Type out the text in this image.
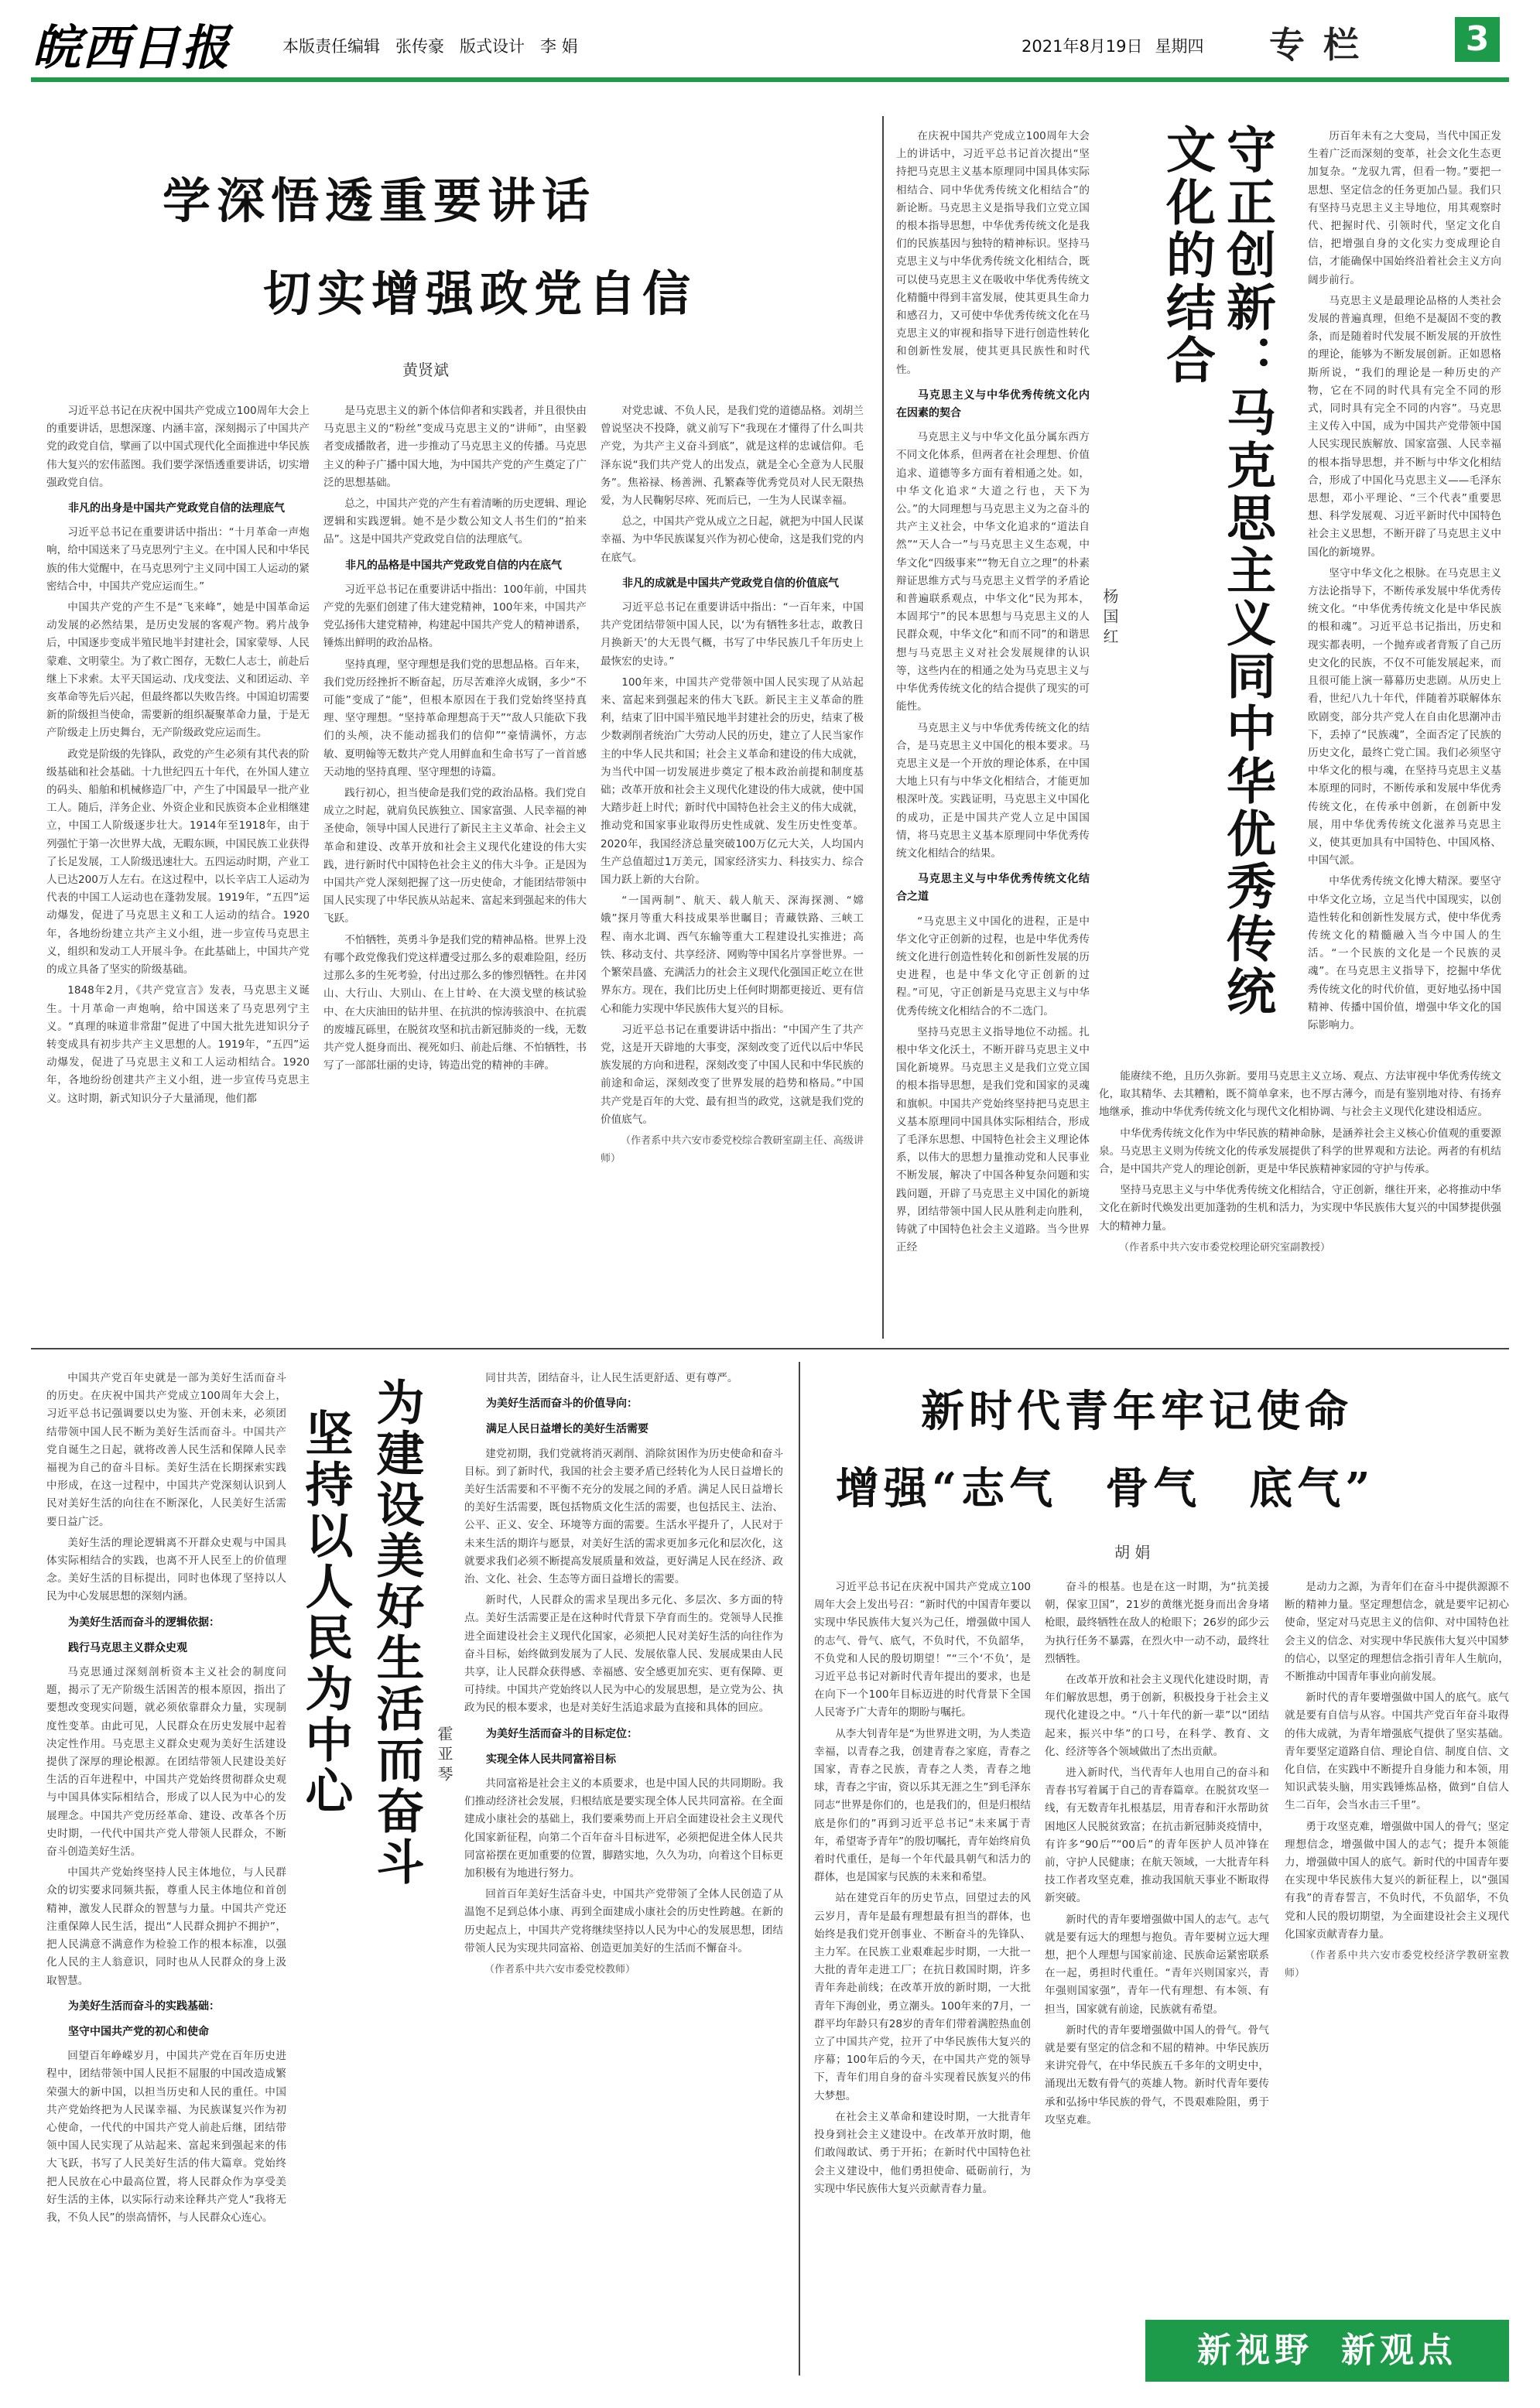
皖西日报	本版责任编辑 张传豪 版式设计 李 娟	2021年8月19日 星期四	专栏	3
学深悟透重要讲话
切实增强政党自信
黄贤斌

习近平总书记在庆祝中国共产党成立100周年大会上的重要讲话，思想深邃、内涵丰富，深刻揭示了中国共产党的政党自信，擘画了以中国式现代化全面推进中华民族伟大复兴的宏伟蓝图。我们要学深悟透重要讲话，切实增强政党自信。

非凡的出身是中国共产党政党自信的法理底气

习近平总书记在重要讲话中指出：“十月革命一声炮响，给中国送来了马克思列宁主义。在中国人民和中华民族的伟大觉醒中，在马克思列宁主义同中国工人运动的紧密结合中，中国共产党应运而生。”

中国共产党的产生不是“飞来峰”，她是中国革命运动发展的必然结果，是历史发展的客观产物。鸦片战争后，中国逐步变成半殖民地半封建社会，国家蒙辱、人民蒙难、文明蒙尘。为了救亡图存，无数仁人志士，前赴后继上下求索。太平天国运动、戊戌变法、义和团运动、辛亥革命等先后兴起，但最终都以失败告终。中国迫切需要新的阶级担当使命，需要新的组织凝聚革命力量，于是无产阶级走上历史舞台，无产阶级政党应运而生。

政党是阶级的先锋队，政党的产生必须有其代表的阶级基础和社会基础。十九世纪四五十年代，在外国人建立的码头、船舶和机械修造厂中，产生了中国最早一批产业工人。随后，洋务企业、外资企业和民族资本企业相继建立，中国工人阶级逐步壮大。1914年至1918年，由于列强忙于第一次世界大战，无暇东顾，中国民族工业获得了长足发展，工人阶级迅速壮大。五四运动时期，产业工人已达200万人左右。在这过程中，以长辛店工人运动为代表的中国工人运动也在蓬勃发展。1919年，“五四”运动爆发，促进了马克思主义和工人运动的结合。1920年，各地纷纷建立共产主义小组，进一步宣传马克思主义，组织和发动工人开展斗争。在此基础上，中国共产党的成立具备了坚实的阶级基础。

1848年2月，《共产党宣言》发表，马克思主义诞生。十月革命一声炮响，给中国送来了马克思列宁主义。“真理的味道非常甜”促进了中国大批先进知识分子转变成具有初步共产主义思想的人。1919年，“五四”运动爆发，促进了马克思主义和工人运动相结合。1920年，各地纷纷创建共产主义小组，进一步宣传马克思主义。这时期，新式知识分子大量涌现，他们都

是马克思主义的新个体信仰者和实践者，并且很快由马克思主义的“粉丝”变成马克思主义的“讲师”，由坚毅者变成播散者，进一步推动了马克思主义的传播。马克思主义的种子广播中国大地，为中国共产党的产生奠定了广泛的思想基础。

总之，中国共产党的产生有着清晰的历史逻辑、理论逻辑和实践逻辑。她不是少数公知文人书生们的“拍来品”。这是中国共产党政党自信的法理底气。

非凡的品格是中国共产党政党自信的内在底气

习近平总书记在重要讲话中指出：100年前，中国共产党的先驱们创建了伟大建党精神，100年来，中国共产党弘扬伟大建党精神，构建起中国共产党人的精神谱系，锤炼出鲜明的政治品格。

坚持真理，坚守理想是我们党的思想品格。百年来，我们党历经挫折不断奋起，历尽苦难淬火成钢，多少“不可能”变成了“能”，但根本原因在于我们党始终坚持真理、坚守理想。“坚持革命理想高于天”“敌人只能砍下我们的头颅，决不能动摇我们的信仰”“豪情满怀，方志敏、夏明翰等无数共产党人用鲜血和生命书写了一首首感天动地的坚持真理、坚守理想的诗篇。

践行初心，担当使命是我们党的政治品格。我们党自成立之时起，就肩负民族独立、国家富强、人民幸福的神圣使命，领导中国人民进行了新民主主义革命、社会主义革命和建设、改革开放和社会主义现代化建设的伟大实践，进行新时代中国特色社会主义的伟大斗争。正是因为中国共产党人深刻把握了这一历史使命，才能团结带领中国人民实现了中华民族从站起来、富起来到强起来的伟大飞跃。

不怕牺牲，英勇斗争是我们党的精神品格。世界上没有哪个政党像我们党这样遭受过那么多的艰难险阻，经历过那么多的生死考验，付出过那么多的惨烈牺牲。在井冈山、大行山、大别山、在上甘岭、在大漠戈壁的核试验中、在大庆油田的钻井里、在抗洪的惊涛骇浪中、在抗震的废墟瓦砾里，在脱贫攻坚和抗击新冠肺炎的一线，无数共产党人挺身而出、视死如归、前赴后继、不怕牺牲，书写了一部部壮丽的史诗，铸造出党的精神的丰碑。

对党忠诚、不负人民，是我们党的道德品格。刘胡兰曾说坚决不投降，就义前写下“我现在才懂得了什么叫共产党，为共产主义奋斗到底”，就是这样的忠诚信仰。毛泽东说“我们共产党人的出发点，就是全心全意为人民服务”。焦裕禄、杨善洲、孔繁森等优秀党员对人民无限热爱，为人民鞠躬尽瘁、死而后已，一生为人民谋幸福。

总之，中国共产党从成立之日起，就把为中国人民谋幸福、为中华民族谋复兴作为初心使命，这是我们党的内在底气。

非凡的成就是中国共产党政党自信的价值底气

习近平总书记在重要讲话中指出：“一百年来，中国共产党团结带领中国人民，以‘为有牺牲多壮志，敢教日月换新天’的大无畏气概，书写了中华民族几千年历史上最恢宏的史诗。”

100年来，中国共产党带领中国人民实现了从站起来、富起来到强起来的伟大飞跃。新民主主义革命的胜利，结束了旧中国半殖民地半封建社会的历史，结束了极少数剥削者统治广大劳动人民的历史，建立了人民当家作主的中华人民共和国；社会主义革命和建设的伟大成就，为当代中国一切发展进步奠定了根本政治前提和制度基础；改革开放和社会主义现代化建设的伟大成就，使中国大踏步赶上时代；新时代中国特色社会主义的伟大成就，推动党和国家事业取得历史性成就、发生历史性变革。2020年，我国经济总量突破100万亿元大关，人均国内生产总值超过1万美元，国家经济实力、科技实力、综合国力跃上新的大台阶。

“一国两制”、航天、载人航天、深海探测、“嫦娥”探月等重大科技成果举世瞩目；青藏铁路、三峡工程、南水北调、西气东输等重大工程建设扎实推进；高铁、移动支付、共享经济、网购等中国名片享誉世界。一个繁荣昌盛、充满活力的社会主义现代化强国正屹立在世界东方。现在，我们比历史上任何时期都更接近、更有信心和能力实现中华民族伟大复兴的目标。

习近平总书记在重要讲话中指出：“中国产生了共产党，这是开天辟地的大事变，深刻改变了近代以后中华民族发展的方向和进程，深刻改变了中国人民和中华民族的前途和命运，深刻改变了世界发展的趋势和格局。”中国共产党是百年的大党、最有担当的政党，这就是我们党的价值底气。

（作者系中共六安市委党校综合教研室副主任、高级讲师）

在庆祝中国共产党成立100周年大会上的讲话中，习近平总书记首次提出“坚持把马克思主义基本原理同中国具体实际相结合、同中华优秀传统文化相结合”的新论断。马克思主义是指导我们立党立国的根本指导思想，中华优秀传统文化是我们的民族基因与独特的精神标识。坚持马克思主义与中华优秀传统文化相结合，既可以使马克思主义在吸收中华优秀传统文化精髓中得到丰富发展，使其更具生命力和感召力，又可使中华优秀传统文化在马克思主义的审视和指导下进行创造性转化和创新性发展，使其更具民族性和时代性。

马克思主义与中华优秀传统文化内在因素的契合

马克思主义与中华文化虽分属东西方不同文化体系，但两者在社会理想、价值追求、道德等多方面有着相通之处。如，中华文化追求“大道之行也，天下为公。”的大同理想与马克思主义为之奋斗的共产主义社会，中华文化追求的“道法自然”“天人合一”与马克思主义生态观，中华文化“四级事来”“物无自立之理”的朴素辩证思维方式与马克思主义哲学的矛盾论和普遍联系观点，中华文化“民为邦本，本固邦宁”的民本思想与马克思主义的人民群众观，中华文化“和而不同”的和谐思想与马克思主义对社会发展规律的认识等，这些内在的相通之处为马克思主义与中华优秀传统文化的结合提供了现实的可能性。

马克思主义与中华优秀传统文化的结合，是马克思主义中国化的根本要求。马克思主义是一个开放的理论体系，在中国大地上只有与中华文化相结合，才能更加根深叶茂。实践证明，马克思主义中国化的成功，正是中国共产党人立足中国国情，将马克思主义基本原理同中华优秀传统文化相结合的结果。

马克思主义与中华优秀传统文化结合之道

“马克思主义中国化的进程，正是中华文化守正创新的过程，也是中华优秀传统文化进行创造性转化和创新性发展的历史进程，也是中华文化守正创新的过程。”可见，守正创新是马克思主义与中华优秀传统文化相结合的不二选门。

坚持马克思主义指导地位不动摇。扎根中华文化沃土，不断开辟马克思主义中国化新境界。马克思主义是我们立党立国的根本指导思想，是我们党和国家的灵魂和旗帜。中国共产党始终坚持把马克思主义基本原理同中国具体实际相结合，形成了毛泽东思想、中国特色社会主义理论体系，以伟大的思想力量推动党和人民事业不断发展，解决了中国各种复杂问题和实践问题，开辟了马克思主义中国化的新境界，团结带领中国人民从胜利走向胜利，铸就了中国特色社会主义道路。当今世界正经

守正创新：马克思主义同中华优秀传统文化的结合
杨国红

历百年未有之大变局，当代中国正发生着广泛而深刻的变革，社会文化生态更加复杂。“龙驭九霄，但看一物。”要把一思想、坚定信念的任务更加凸显。我们只有坚持马克思主义主导地位，用其观察时代、把握时代、引领时代，坚定文化自信，把增强自身的文化实力变成理论自信，才能确保中国始终沿着社会主义方向阔步前行。

马克思主义是最理论品格的人类社会发展的普遍真理，但绝不是凝固不变的教条，而是随着时代发展不断发展的开放性的理论，能够为不断发展创新。正如恩格斯所说，“我们的理论是一种历史的产物，它在不同的时代具有完全不同的形式，同时具有完全不同的内容”。马克思主义传入中国，成为中国共产党带领中国人民实现民族解放、国家富强、人民幸福的根本指导思想，并不断与中华文化相结合，形成了中国化马克思主义——毛泽东思想，邓小平理论、“三个代表”重要思想、科学发展观、习近平新时代中国特色社会主义思想，不断开辟了马克思主义中国化的新境界。

坚守中华文化之根脉。在马克思主义方法论指导下，不断传承发展中华优秀传统文化。“中华优秀传统文化是中华民族的根和魂”。习近平总书记指出，历史和现实都表明，一个抛弃或者背叛了自己历史文化的民族，不仅不可能发展起来，而且很可能上演一幕幕历史悲剧。从历史上看，世纪八九十年代，伴随着苏联解体东欧剧变，部分共产党人在自由化思潮冲击下，丢掉了“民族魂”，全面否定了民族的历史文化，最终亡党亡国。我们必须坚守中华文化的根与魂，在坚持马克思主义基本原理的同时，不断传承和发展中华优秀传统文化，在传承中创新，在创新中发展，用中华优秀传统文化滋养马克思主义，使其更加具有中国特色、中国风格、中国气派。

中华优秀传统文化博大精深。要坚守中华文化立场，立足当代中国现实，以创造性转化和创新性发展方式，使中华优秀传统文化的精髓融入当今中国人的生活。“一个民族的文化是一个民族的灵魂”。在马克思主义指导下，挖掘中华优秀传统文化的时代价值，更好地弘扬中国精神、传播中国价值，增强中华文化的国际影响力。

能赓续不绝，且历久弥新。要用马克思主义立场、观点、方法审视中华优秀传统文化，取其精华、去其糟粕，既不简单拿来，也不厚古薄今，而是有鉴别地对待、有扬弃地继承，推动中华优秀传统文化与现代文化相协调、与社会主义现代化建设相适应。

中华优秀传统文化作为中华民族的精神命脉，是涵养社会主义核心价值观的重要源泉。马克思主义则为传统文化的传承发展提供了科学的世界观和方法论。两者的有机结合，是中国共产党人的理论创新，更是中华民族精神家园的守护与传承。

坚持马克思主义与中华优秀传统文化相结合，守正创新，继往开来，必将推动中华文化在新时代焕发出更加蓬勃的生机和活力，为实现中华民族伟大复兴的中国梦提供强大的精神力量。

（作者系中共六安市委党校理论研究室副教授）

中国共产党百年史就是一部为美好生活而奋斗的历史。在庆祝中国共产党成立100周年大会上，习近平总书记强调要以史为鉴、开创未来，必须团结带领中国人民不断为美好生活而奋斗。中国共产党自诞生之日起，就将改善人民生活和保障人民幸福视为自己的奋斗目标。美好生活在长期探索实践中形成，在这一过程中，中国共产党深刻认识到人民对美好生活的向往在不断深化，人民美好生活需要日益广泛。

美好生活的理论逻辑离不开群众史观与中国具体实际相结合的实践，也离不开人民至上的价值理念。美好生活的目标提出，同时也体现了坚持以人民为中心发展思想的深刻内涵。

为美好生活而奋斗的逻辑依据：

践行马克思主义群众史观

马克思通过深刻剖析资本主义社会的制度问题，揭示了无产阶级生活困苦的根本原因，指出了要想改变现实问题，就必须依靠群众力量，实现制度性变革。由此可见，人民群众在历史发展中起着决定性作用。马克思主义群众史观为美好生活建设提供了深厚的理论根源。在团结带领人民建设美好生活的百年进程中，中国共产党始终贯彻群众史观与中国具体实际相结合，形成了以人民为中心的发展理念。中国共产党历经革命、建设、改革各个历史时期，一代代中国共产党人带领人民群众，不断奋斗创造美好生活。

中国共产党始终坚持人民主体地位，与人民群众的切实要求同频共振，尊重人民主体地位和首创精神，激发人民群众的智慧与力量。中国共产党还注重保障人民生活，提出“人民群众拥护不拥护”，把人民满意不满意作为检验工作的根本标准，以强化人民的主人翁意识，同时也从人民群众的身上汲取智慧。

为美好生活而奋斗的实践基础：

坚守中国共产党的初心和使命

回望百年峥嵘岁月，中国共产党在百年历史进程中，团结带领中国人民拒不屈服的中国改造成繁荣强大的新中国，以担当历史和人民的重任。中国共产党始终把为人民谋幸福、为民族谋复兴作为初心使命，一代代的中国共产党人前赴后继，团结带领中国人民实现了从站起来、富起来到强起来的伟大飞跃，书写了人民美好生活的伟大篇章。党始终把人民放在心中最高位置，将人民群众作为享受美好生活的主体，以实际行动来诠释共产党人“我将无我，不负人民”的崇高情怀，与人民群众心连心。

为建设美好生活而奋斗
坚持以人民为中心	霍亚琴

同甘共苦，团结奋斗，让人民生活更舒适、更有尊严。

为美好生活而奋斗的价值导向：

满足人民日益增长的美好生活需要

建党初期，我们党就将消灭剥削、消除贫困作为历史使命和奋斗目标。到了新时代，我国的社会主要矛盾已经转化为人民日益增长的美好生活需要和不平衡不充分的发展之间的矛盾。满足人民日益增长的美好生活需要，既包括物质文化生活的需要，也包括民主、法治、公平、正义、安全、环境等方面的需要。生活水平提升了，人民对于未来生活的期许与愿景，对美好生活的需求更加多元化和层次化，这就要求我们必须不断提高发展质量和效益，更好满足人民在经济、政治、文化、社会、生态等方面日益增长的需要。

新时代，人民群众的需求呈现出多元化、多层次、多方面的特点。美好生活需要正是在这种时代背景下孕育而生的。党领导人民推进全面建设社会主义现代化国家，必须把人民对美好生活的向往作为奋斗目标，始终做到发展为了人民、发展依靠人民、发展成果由人民共享，让人民群众获得感、幸福感、安全感更加充实、更有保障、更可持续。中国共产党始终以人民为中心的发展思想，是立党为公、执政为民的根本要求，也是对美好生活追求最为直接和具体的回应。

为美好生活而奋斗的目标定位：

实现全体人民共同富裕目标

共同富裕是社会主义的本质要求，也是中国人民的共同期盼。我们推动经济社会发展，归根结底是要实现全体人民共同富裕。在全面建成小康社会的基础上，我们要乘势而上开启全面建设社会主义现代化国家新征程，向第二个百年奋斗目标进军，必须把促进全体人民共同富裕摆在更加重要的位置，脚踏实地，久久为功，向着这个目标更加积极有为地进行努力。

回首百年美好生活奋斗史，中国共产党带领了全体人民创造了从温饱不足到总体小康、再到全面建成小康社会的历史性跨越。在新的历史起点上，中国共产党将继续坚持以人民为中心的发展思想，团结带领人民为实现共同富裕、创造更加美好的生活而不懈奋斗。

（作者系中共六安市委党校教师）

新时代青年牢记使命
增强“志气　骨气　底气”
胡 娟

习近平总书记在庆祝中国共产党成立100周年大会上发出号召：“新时代的中国青年要以实现中华民族伟大复兴为己任，增强做中国人的志气、骨气、底气，不负时代，不负韶华，不负党和人民的殷切期望！”“三个‘不负’，是习近平总书记对新时代青年提出的要求，也是在向下一个100年目标迈进的时代背景下全国人民寄予广大青年的期盼与嘱托。

从李大钊青年是“为世界进文明，为人类造幸福，以青春之我，创建青春之家庭，青春之国家，青春之民族，青春之人类，青春之地球，青春之宇宙，资以乐其无涯之生”到毛泽东同志“世界是你们的，也是我们的，但是归根结底是你们的”再到习近平总书记“未来属于青年，希望寄予青年”的殷切嘱托，青年始终肩负着时代重任，是每一个年代最具朝气和活力的群体，也是国家与民族的未来和希望。

站在建党百年的历史节点，回望过去的风云岁月，青年是最有理想最有担当的群体，也始终是我们党开创事业、不断奋斗的先锋队、主力军。在民族工业艰难起步时期，一大批一大批的青年走进工厂；在抗日救国时期，许多青年奔赴前线；在改革开放的新时期，一大批青年下海创业，勇立潮头。100年来的7月，一群平均年龄只有28岁的青年们带着满腔热血创立了中国共产党，拉开了中华民族伟大复兴的序幕；100年后的今天，在中国共产党的领导下，青年们用自身的奋斗实现着民族复兴的伟大梦想。

在社会主义革命和建设时期，一大批青年投身到社会主义建设中。在改革开放时期，他们敢闯敢试、勇于开拓；在新时代中国特色社会主义建设中，他们勇担使命、砥砺前行，为实现中华民族伟大复兴贡献青春力量。

奋斗的根基。也是在这一时期，为“抗美援朝，保家卫国”，21岁的黄继光挺身而出舍身堵枪眼，最终牺牲在敌人的枪眼下；26岁的邱少云为执行任务不暴露，在烈火中一动不动，最终壮烈牺牲。

在改革开放和社会主义现代化建设时期，青年们解放思想，勇于创新，积极投身于社会主义现代化建设之中。“八十年代的新一辈”以“团结起来，振兴中华”的口号，在科学、教育、文化、经济等各个领域做出了杰出贡献。

进入新时代，当代青年人也用自己的奋斗和青春书写着属于自己的青春篇章。在脱贫攻坚一线，有无数青年扎根基层，用青春和汗水帮助贫困地区人民脱贫致富；在抗击新冠肺炎疫情中，有许多“90后”“00后”的青年医护人员冲锋在前，守护人民健康；在航天领域，一大批青年科技工作者攻坚克难，推动我国航天事业不断取得新突破。

新时代的青年要增强做中国人的志气。志气就是要有远大的理想与抱负。青年要树立远大理想，把个人理想与国家前途、民族命运紧密联系在一起，勇担时代重任。“青年兴则国家兴，青年强则国家强”，青年一代有理想、有本领、有担当，国家就有前途，民族就有希望。

新时代的青年要增强做中国人的骨气。骨气就是要有坚定的信念和不屈的精神。中华民族历来讲究骨气，在中华民族五千多年的文明史中，涌现出无数有骨气的英雄人物。新时代青年要传承和弘扬中华民族的骨气，不畏艰难险阻，勇于攻坚克难。

是动力之源，为青年们在奋斗中提供源源不断的精神力量。坚定理想信念，就是要牢记初心使命，坚定对马克思主义的信仰、对中国特色社会主义的信念、对实现中华民族伟大复兴中国梦的信心，以坚定的理想信念指引青年人生航向，不断推动中国青年事业向前发展。

新时代的青年要增强做中国人的底气。底气就是要有自信与从容。中国共产党百年奋斗取得的伟大成就，为青年增强底气提供了坚实基础。青年要坚定道路自信、理论自信、制度自信、文化自信，在实践中不断提升自身能力和本领，用知识武装头脑，用实践锤炼品格，做到“自信人生二百年，会当水击三千里”。

勇于攻坚克难，增强做中国人的骨气；坚定理想信念，增强做中国人的志气；提升本领能力，增强做中国人的底气。新时代的中国青年要在实现中华民族伟大复兴的新征程上，以“强国有我”的青春誓言，不负时代，不负韶华，不负党和人民的殷切期望，为全面建设社会主义现代化国家贡献青春力量。

（作者系中共六安市委党校经济学教研室教师）

新视野 新观点
